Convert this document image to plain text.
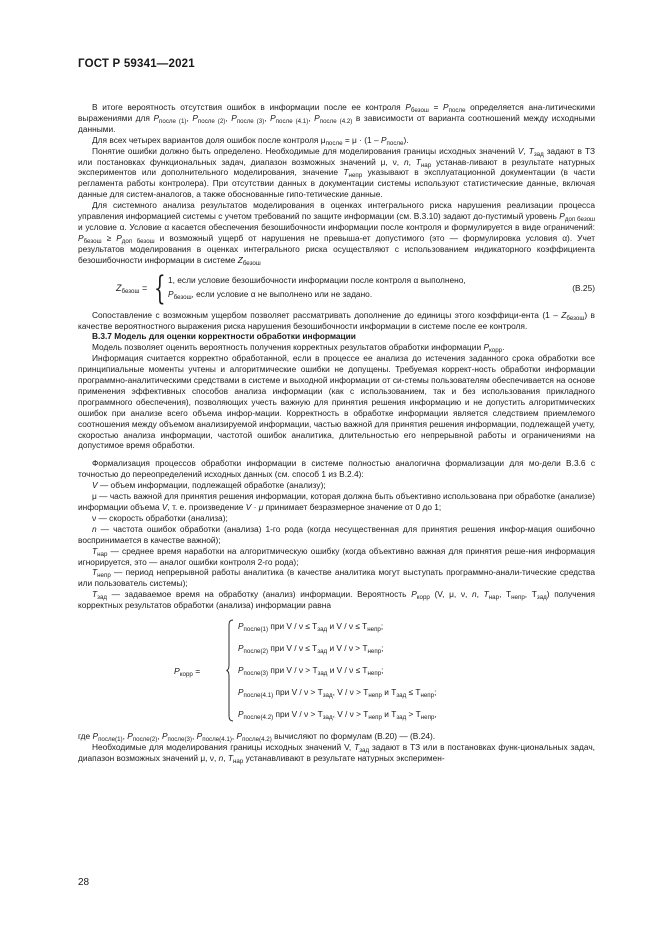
ГОСТ Р 59341—2021

В итоге вероятность отсутствия ошибок в информации после ее контроля $P_{безош} = P_{после}$ определяется ана-литическими выражениями для $P_{после (1)}$, $P_{после (2)}$, $P_{после (3)}$, $P_{после (4.1)}$, $P_{после (4.2)}$ в зависимости от варианта соотношений между исходными данными.

Для всех четырех вариантов доля ошибок после контроля $\mu_{после} = \mu \cdot (1 - P_{после})$.

Понятие ошибки должно быть определено. Необходимые для моделирования границы исходных значений V, $T_{зад}$ задают в ТЗ или постановках функциональных задач, диапазон возможных значений μ, ν, n, $T_{нар}$ устанав-ливают в результате натурных экспериментов или дополнительного моделирования, значение $T_{непр}$ указывают в эксплуатационной документации (в части регламента работы контролера). При отсутствии данных в документации системы используют статистические данные, включая данные для систем-аналогов, а также обоснованные гипо-тетические данные.

Для системного анализа результатов моделирования в оценках интегрального риска нарушения реализации процесса управления информацией системы с учетом требований по защите информации (см. В.3.10) задают до-пустимый уровень $P_{доп безош}$ и условие α. Условие α касается обеспечения безошибочности информации после контроля и формулируется в виде ограничений: $P_{безош} \ge P_{доп безош}$ и возможный ущерб от нарушения не превыша-ет допустимого (это — формулировка условия α). Учет результатов моделирования в оценках интегрального риска осуществляют с использованием индикаторного коэффициента безошибочности информации в системе $Z_{безош}$

$Z_{безош}$ = { 1, если условие безошибочности информации после контроля α выполнено,
$P_{безош}$, если условие α не выполнено или не задано.
(В.25)

Сопоставление с возможным ущербом позволяет рассматривать дополнение до единицы этого коэффици-ента $(1 - Z_{безош})$ в качестве вероятностного выражения риска нарушения безошибочности информации в системе после ее контроля.

В.3.7 Модель для оценки корректности обработки информации

Модель позволяет оценить вероятность получения корректных результатов обработки информации $P_{корр}$.

Информация считается корректно обработанной, если в процессе ее анализа до истечения заданного срока обработки все принципиальные моменты учтены и алгоритмические ошибки не допущены. Требуемая коррект-ность обработки информации программно-аналитическими средствами в системе и выходной информации от си-стемы пользователям обеспечивается на основе применения эффективных способов анализа информации (как с использованием, так и без использования прикладного программного обеспечения), позволяющих учесть важную для принятия решения информацию и не допустить алгоритмических ошибок при анализе всего объема инфор-мации. Корректность в обработке информации является следствием приемлемого соотношения между объемом анализируемой информации, частью важной для принятия решения информации, подлежащей учету, скоростью анализа информации, частотой ошибок аналитика, длительностью его непрерывной работы и ограничениями на допустимое время обработки.

Формализация процессов обработки информации в системе полностью аналогична формализации для мо-дели В.3.6 с точностью до переопределений исходных данных (см. способ 1 из В.2.4):

V — объем информации, подлежащей обработке (анализу);

μ — часть важной для принятия решения информации, которая должна быть объективно использована при обработке (анализе) информации объема V, т. е. произведение V · μ принимает безразмерное значение от 0 до 1;

ν — скорость обработки (анализа);

n — частота ошибок обработки (анализа) 1-го рода (когда несущественная для принятия решения инфор-мация ошибочно воспринимается в качестве важной);

$T_{нар}$ — среднее время наработки на алгоритмическую ошибку (когда объективно важная для принятия реше-ния информация игнорируется, это — аналог ошибки контроля 2-го рода);

$T_{непр}$ — период непрерывной работы аналитика (в качестве аналитика могут выступать программно-анали-тические средства или пользователь системы);

$T_{зад}$ — задаваемое время на обработку (анализ) информации. Вероятность $P_{корр}$ (V, μ, ν, n, $T_{нар}$, $T_{непр}$, $T_{зад}$) получения корректных результатов обработки (анализа) информации равна

$P_{корр}$ =
$P_{после(1)}$ при $V / \nu \le T_{зад}$ и $V / \nu \le T_{непр}$;
$P_{после(2)}$ при $V / \nu \le T_{зад}$ и $V / \nu > T_{непр}$;
$P_{после(3)}$ при $V / \nu > T_{зад}$ и $V / \nu \le T_{непр}$;
$P_{после(4.1)}$ при $V / \nu > T_{зад}$, $V / \nu > T_{непр}$ и $T_{зад} \le T_{непр}$;
$P_{после(4.2)}$ при $V / \nu > T_{зад}$, $V / \nu > T_{непр}$ и $T_{зад} > T_{непр}$,

где $P_{после(1)}$, $P_{после(2)}$, $P_{после(3)}$, $P_{после(4.1)}$, $P_{после(4.2)}$ вычисляют по формулам (В.20) — (В.24).

Необходимые для моделирования границы исходных значений V, $T_{зад}$ задают в ТЗ или в постановках функ-циональных задач, диапазон возможных значений μ, ν, n, $T_{нар}$ устанавливают в результате натурных эксперимен-

28
